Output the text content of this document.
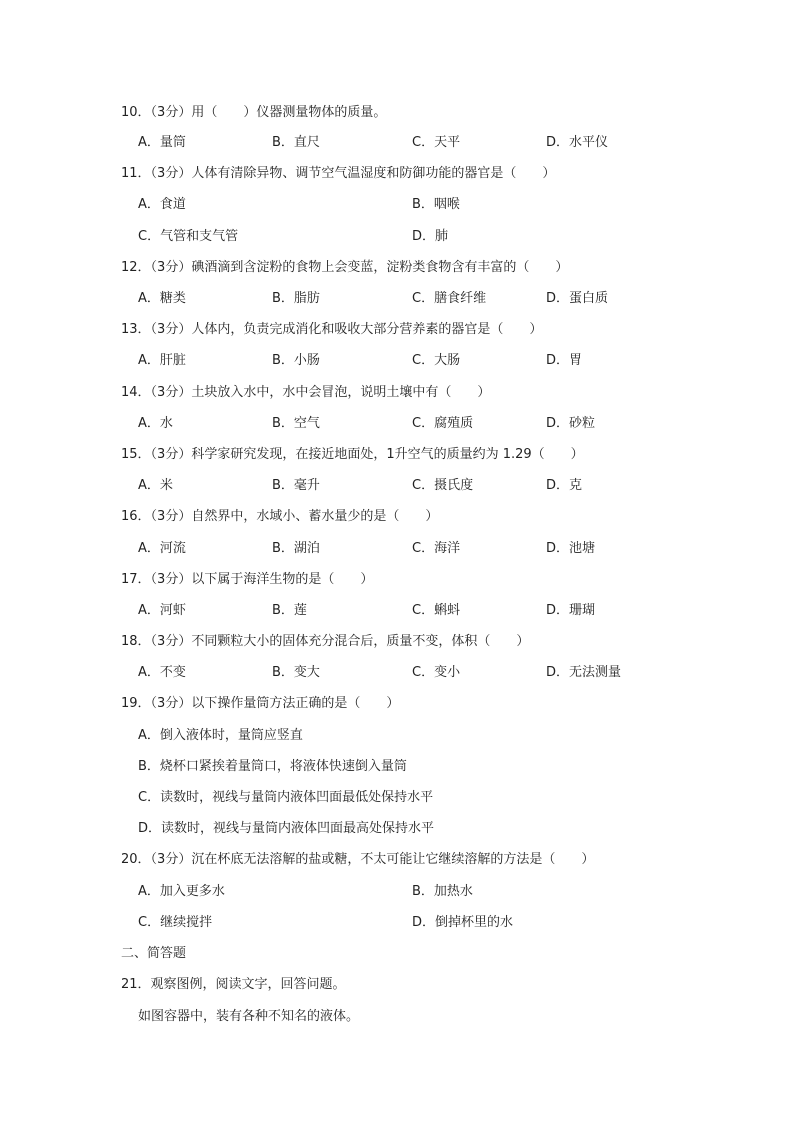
10．（3分）用（　　）仪器测量物体的质量。
A．量筒	B．直尺	C．天平	D．水平仪
11．（3分）人体有清除异物、调节空气温湿度和防御功能的器官是（　　）
A．食道	B．咽喉
C．气管和支气管	D．肺
12．（3分）碘酒滴到含淀粉的食物上会变蓝，淀粉类食物含有丰富的（　　）
A．糖类	B．脂肪	C．膳食纤维	D．蛋白质
13．（3分）人体内，负责完成消化和吸收大部分营养素的器官是（　　）
A．肝脏	B．小肠	C．大肠	D．胃
14．（3分）土块放入水中，水中会冒泡，说明土壤中有（　　）
A．水	B．空气	C．腐殖质	D．砂粒
15．（3分）科学家研究发现，在接近地面处，1升空气的质量约为 1.29（　　）
A．米	B．毫升	C．摄氏度	D．克
16．（3分）自然界中，水域小、蓄水量少的是（　　）
A．河流	B．湖泊	C．海洋	D．池塘
17．（3分）以下属于海洋生物的是（　　）
A．河虾	B．莲	C．蝌蚪	D．珊瑚
18．（3分）不同颗粒大小的固体充分混合后，质量不变，体积（　　）
A．不变	B．变大	C．变小	D．无法测量
19．（3分）以下操作量筒方法正确的是（　　）
A．倒入液体时，量筒应竖直
B．烧杯口紧挨着量筒口，将液体快速倒入量筒
C．读数时，视线与量筒内液体凹面最低处保持水平
D．读数时，视线与量筒内液体凹面最高处保持水平
20．（3分）沉在杯底无法溶解的盐或糖，不太可能让它继续溶解的方法是（　　）
A．加入更多水	B．加热水
C．继续搅拌	D．倒掉杯里的水
二、简答题
21．观察图例，阅读文字，回答问题。
如图容器中，装有各种不知名的液体。
